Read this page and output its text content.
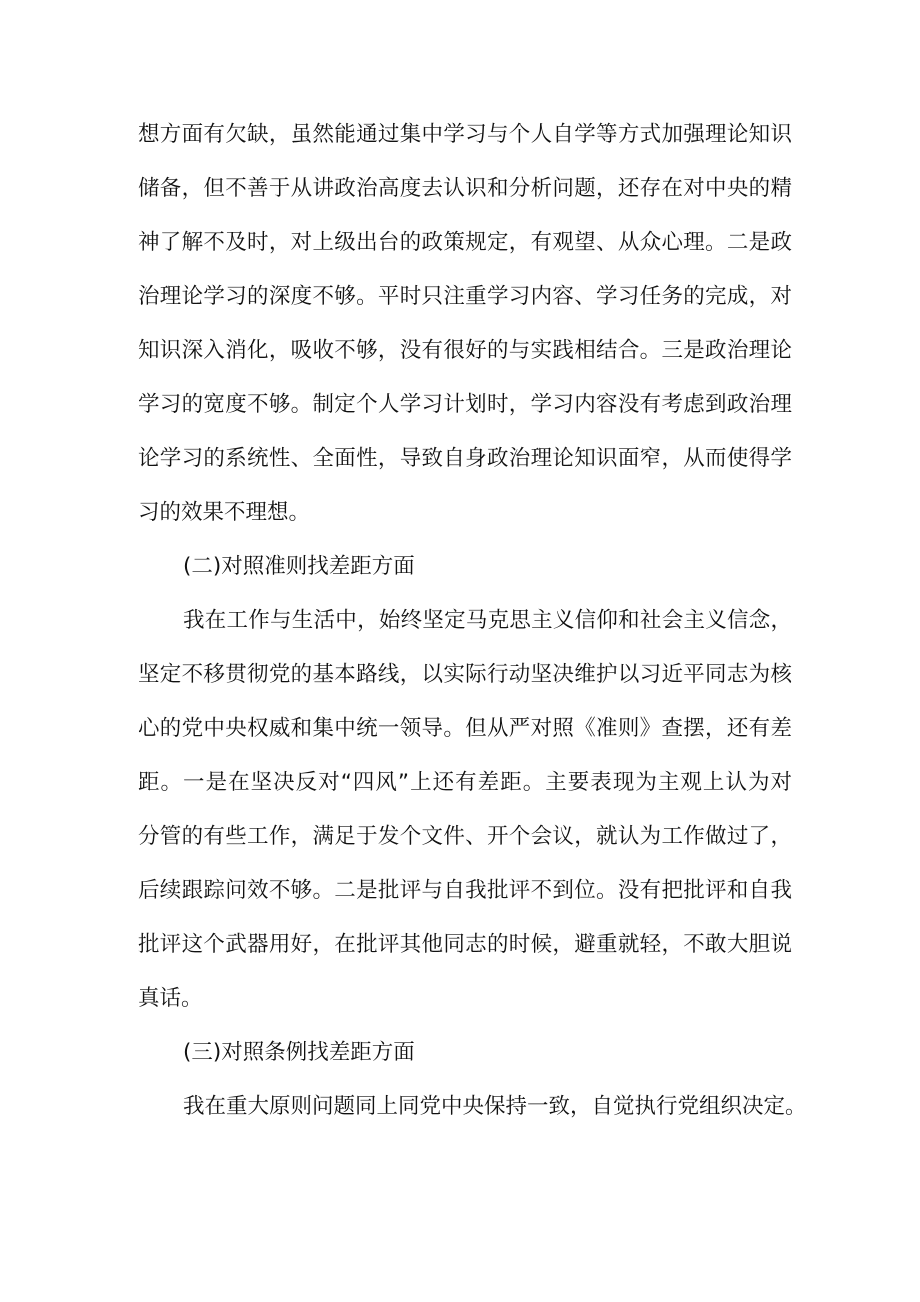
想方面有欠缺，虽然能通过集中学习与个人自学等方式加强理论知识
储备，但不善于从讲政治高度去认识和分析问题，还存在对中央的精
神了解不及时，对上级出台的政策规定，有观望、从众心理。二是政
治理论学习的深度不够。平时只注重学习内容、学习任务的完成，对
知识深入消化，吸收不够，没有很好的与实践相结合。三是政治理论
学习的宽度不够。制定个人学习计划时，学习内容没有考虑到政治理
论学习的系统性、全面性，导致自身政治理论知识面窄，从而使得学
习的效果不理想。
(二)对照准则找差距方面
我在工作与生活中，始终坚定马克思主义信仰和社会主义信念，
坚定不移贯彻党的基本路线，以实际行动坚决维护以习近平同志为核
心的党中央权威和集中统一领导。但从严对照《准则》查摆，还有差
距。一是在坚决反对“四风”上还有差距。主要表现为主观上认为对
分管的有些工作，满足于发个文件、开个会议，就认为工作做过了，
后续跟踪问效不够。二是批评与自我批评不到位。没有把批评和自我
批评这个武器用好，在批评其他同志的时候，避重就轻，不敢大胆说
真话。
(三)对照条例找差距方面
我在重大原则问题同上同党中央保持一致，自觉执行党组织决定。
